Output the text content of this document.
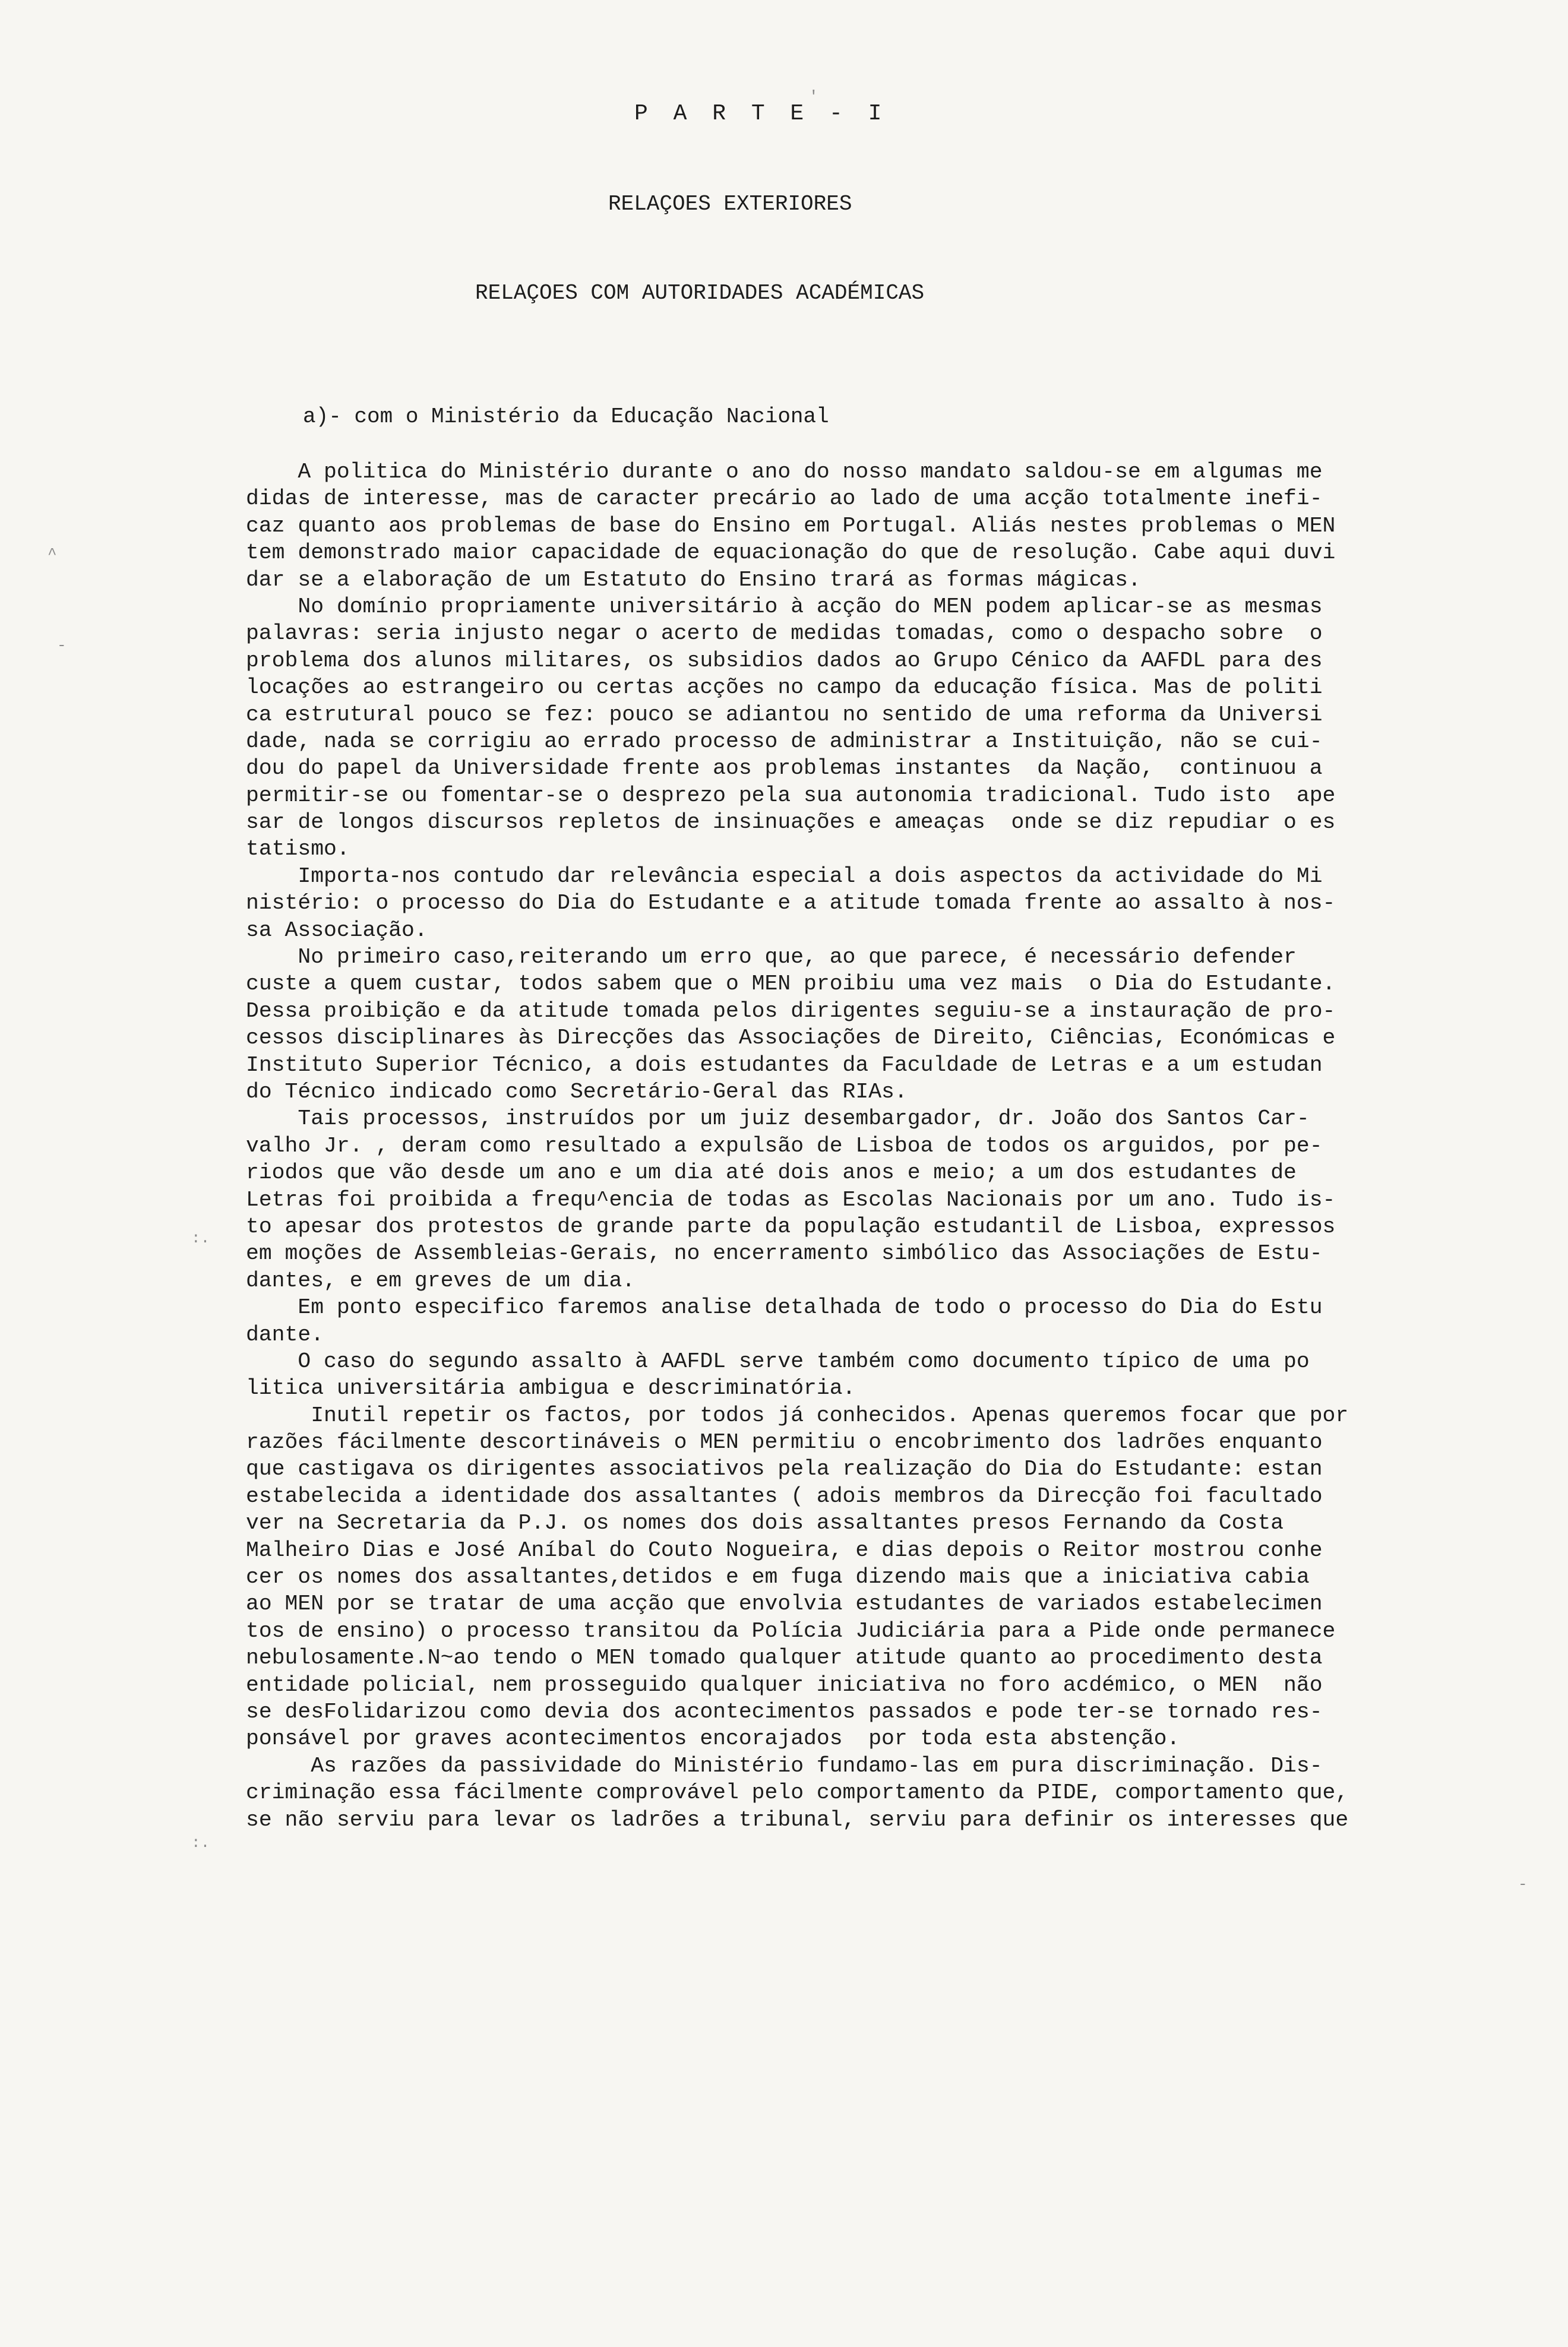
P A R T E - I
RELAÇOES EXTERIORES
RELAÇOES COM AUTORIDADES ACADÉMICAS
a)- com o Ministério da Educação Nacional
A politica do Ministério durante o ano do nosso mandato saldou-se em algumas me
didas de interesse, mas de caracter precário ao lado de uma acção totalmente inefi-
caz quanto aos problemas de base do Ensino em Portugal. Aliás nestes problemas o MEN
tem demonstrado maior capacidade de equacionação do que de resolução. Cabe aqui duvi
dar se a elaboração de um Estatuto do Ensino trará as formas mágicas.
No domínio propriamente universitário à acção do MEN podem aplicar-se as mesmas
palavras: seria injusto negar o acerto de medidas tomadas, como o despacho sobre  o
problema dos alunos militares, os subsidios dados ao Grupo Cénico da AAFDL para des
locações ao estrangeiro ou certas acções no campo da educação física. Mas de politi
ca estrutural pouco se fez: pouco se adiantou no sentido de uma reforma da Universi
dade, nada se corrigiu ao errado processo de administrar a Instituição, não se cui-
dou do papel da Universidade frente aos problemas instantes  da Nação,  continuou a
permitir-se ou fomentar-se o desprezo pela sua autonomia tradicional. Tudo isto  ape
sar de longos discursos repletos de insinuações e ameaças  onde se diz repudiar o es
tatismo.
Importa-nos contudo dar relevância especial a dois aspectos da actividade do Mi
nistério: o processo do Dia do Estudante e a atitude tomada frente ao assalto à nos-
sa Associação.
No primeiro caso,reiterando um erro que, ao que parece, é necessário defender
custe a quem custar, todos sabem que o MEN proibiu uma vez mais  o Dia do Estudante.
Dessa proibição e da atitude tomada pelos dirigentes seguiu-se a instauração de pro-
cessos disciplinares às Direcções das Associações de Direito, Ciências, Económicas e
Instituto Superior Técnico, a dois estudantes da Faculdade de Letras e a um estudan
do Técnico indicado como Secretário-Geral das RIAs.
Tais processos, instruídos por um juiz desembargador, dr. João dos Santos Car-
valho Jr. , deram como resultado a expulsão de Lisboa de todos os arguidos, por pe-
riodos que vão desde um ano e um dia até dois anos e meio; a um dos estudantes de
Letras foi proibida a frequ^encia de todas as Escolas Nacionais por um ano. Tudo is-
to apesar dos protestos de grande parte da população estudantil de Lisboa, expressos
em moções de Assembleias-Gerais, no encerramento simbólico das Associações de Estu-
dantes, e em greves de um dia.
Em ponto especifico faremos analise detalhada de todo o processo do Dia do Estu
dante.
O caso do segundo assalto à AAFDL serve também como documento típico de uma po
litica universitária ambigua e descriminatória.
Inutil repetir os factos, por todos já conhecidos. Apenas queremos focar que por
razões fácilmente descortináveis o MEN permitiu o encobrimento dos ladrões enquanto
que castigava os dirigentes associativos pela realização do Dia do Estudante: estan
estabelecida a identidade dos assaltantes ( adois membros da Direcção foi facultado
ver na Secretaria da P.J. os nomes dos dois assaltantes presos Fernando da Costa
Malheiro Dias e José Aníbal do Couto Nogueira, e dias depois o Reitor mostrou conhe
cer os nomes dos assaltantes,detidos e em fuga dizendo mais que a iniciativa cabia
ao MEN por se tratar de uma acção que envolvia estudantes de variados estabelecimen
tos de ensino) o processo transitou da Polícia Judiciária para a Pide onde permanece
nebulosamente.N~ao tendo o MEN tomado qualquer atitude quanto ao procedimento desta
entidade policial, nem prosseguido qualquer iniciativa no foro acdémico, o MEN  não
se desFolidarizou como devia dos acontecimentos passados e pode ter-se tornado res-
ponsável por graves acontecimentos encorajados  por toda esta abstenção.
As razões da passividade do Ministério fundamo-las em pura discriminação. Dis-
criminação essa fácilmente comprovável pelo comportamento da PIDE, comportamento que,
se não serviu para levar os ladrões a tribunal, serviu para definir os interesses que
'
^
-
:.
:.
-
